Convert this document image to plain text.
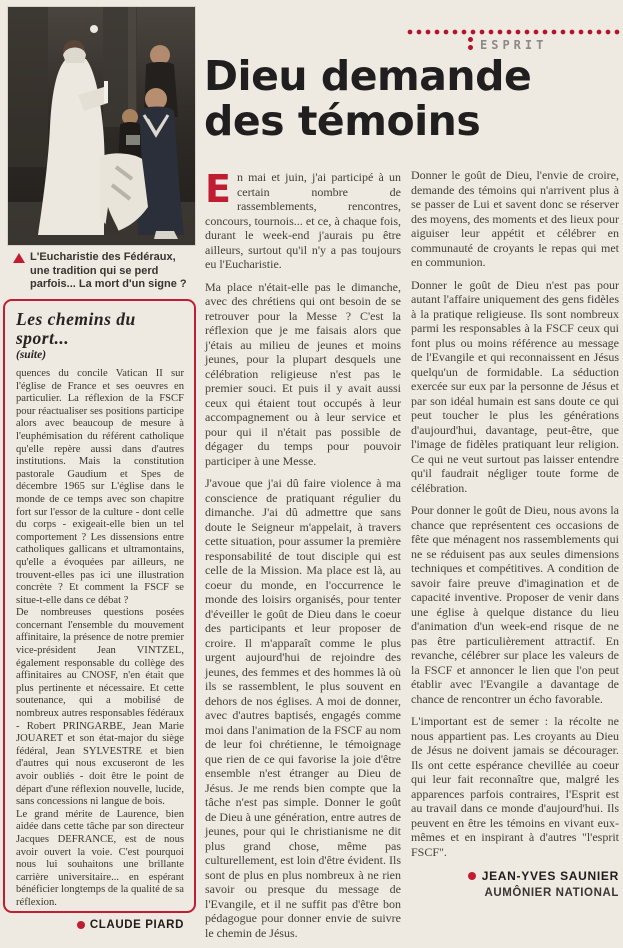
L'Eucharistie des Fédéraux, une tradition qui se perd parfois... La mort d'un signe ?
Les chemins du sport...
(suite)

quences du concile Vatican II sur l'église de France et ses oeuvres en particulier. La réflexion de la FSCF pour réactualiser ses positions participe alors avec beaucoup de mesure à l'euphémisation du référent catholique qu'elle repère aussi dans d'autres institutions. Mais la constitution pastorale Gaudium et Spes de décembre 1965 sur L'église dans le monde de ce temps avec son chapitre fort sur l'essor de la culture - dont celle du corps - exigeait-elle bien un tel comportement ? Les dissensions entre catholiques gallicans et ultramontains, qu'elle a évoquées par ailleurs, ne trouvent-elles pas ici une illustration concrète ? Et comment la FSCF se situe-t-elle dans ce débat ?

De nombreuses questions posées concernant l'ensemble du mouvement affinitaire, la présence de notre premier vice-président Jean VINTZEL, également responsable du collège des affinitaires au CNOSF, n'en était que plus pertinente et nécessaire. Et cette soutenance, qui a mobilisé de nombreux autres responsables fédéraux - Robert PRINGARBE, Jean Marie JOUARET et son état-major du siège fédéral, Jean SYLVESTRE et bien d'autres qui nous excuseront de les avoir oubliés - doit être le point de départ d'une réflexion nouvelle, lucide, sans concessions ni langue de bois.

Le grand mérite de Laurence, bien aidée dans cette tâche par son directeur Jacques DEFRANCE, est de nous avoir ouvert la voie. C'est pourquoi nous lui souhaitons une brillante carrière universitaire... en espérant bénéficier longtemps de la qualité de sa réflexion.

CLAUDE PIARD
ESPRIT
Dieu demande
des témoins

En mai et juin, j'ai participé à un certain nombre de rassemblements, rencontres, concours, tournois... et ce, à chaque fois, durant le week-end j'aurais pu être ailleurs, surtout qu'il n'y a pas toujours eu l'Eucharistie.

Ma place n'était-elle pas le dimanche, avec des chrétiens qui ont besoin de se retrouver pour la Messe ? C'est la réflexion que je me faisais alors que j'étais au milieu de jeunes et moins jeunes, pour la plupart desquels une célébration religieuse n'est pas le premier souci. Et puis il y avait aussi ceux qui étaient tout occupés à leur accompagnement ou à leur service et pour qui il n'était pas possible de dégager du temps pour pouvoir participer à une Messe.

J'avoue que j'ai dû faire violence à ma conscience de pratiquant régulier du dimanche. J'ai dû admettre que sans doute le Seigneur m'appelait, à travers cette situation, pour assumer la première responsabilité de tout disciple qui est celle de la Mission. Ma place est là, au coeur du monde, en l'occurrence le monde des loisirs organisés, pour tenter d'éveiller le goût de Dieu dans le coeur des participants et leur proposer de croire. Il m'apparaît comme le plus urgent aujourd'hui de rejoindre des jeunes, des femmes et des hommes là où ils se rassemblent, le plus souvent en dehors de nos églises. A moi de donner, avec d'autres baptisés, engagés comme moi dans l'animation de la FSCF au nom de leur foi chrétienne, le témoignage que rien de ce qui favorise la joie d'être ensemble n'est étranger au Dieu de Jésus. Je me rends bien compte que la tâche n'est pas simple. Donner le goût de Dieu à une génération, entre autres de jeunes, pour qui le christianisme ne dit plus grand chose, même pas culturellement, est loin d'être évident. Ils sont de plus en plus nombreux à ne rien savoir ou presque du message de l'Evangile, et il ne suffit pas d'être bon pédagogue pour donner envie de suivre le chemin de Jésus.

Donner le goût de Dieu, l'envie de croire, demande des témoins qui n'arrivent plus à se passer de Lui et savent donc se réserver des moyens, des moments et des lieux pour aiguiser leur appétit et célébrer en communauté de croyants le repas qui met en communion.

Donner le goût de Dieu n'est pas pour autant l'affaire uniquement des gens fidèles à la pratique religieuse. Ils sont nombreux parmi les responsables à la FSCF ceux qui font plus ou moins référence au message de l'Evangile et qui reconnaissent en Jésus quelqu'un de formidable. La séduction exercée sur eux par la personne de Jésus et par son idéal humain est sans doute ce qui peut toucher le plus les générations d'aujourd'hui, davantage, peut-être, que l'image de fidèles pratiquant leur religion. Ce qui ne veut surtout pas laisser entendre qu'il faudrait négliger toute forme de célébration.

Pour donner le goût de Dieu, nous avons la chance que représentent ces occasions de fête que ménagent nos rassemblements qui ne se réduisent pas aux seules dimensions techniques et compétitives. A condition de savoir faire preuve d'imagination et de capacité inventive. Proposer de venir dans une église à quelque distance du lieu d'animation d'un week-end risque de ne pas être particulièrement attractif. En revanche, célébrer sur place les valeurs de la FSCF et annoncer le lien que l'on peut établir avec l'Evangile a davantage de chance de rencontrer un écho favorable.

L'important est de semer : la récolte ne nous appartient pas. Les croyants au Dieu de Jésus ne doivent jamais se décourager. Ils ont cette espérance chevillée au coeur qui leur fait reconnaître que, malgré les apparences parfois contraires, l'Esprit est au travail dans ce monde d'aujourd'hui. Ils peuvent en être les témoins en vivant eux-mêmes et en inspirant à d'autres "l'esprit FSCF".

JEAN-YVES SAUNIER
AUMÔNIER NATIONAL
